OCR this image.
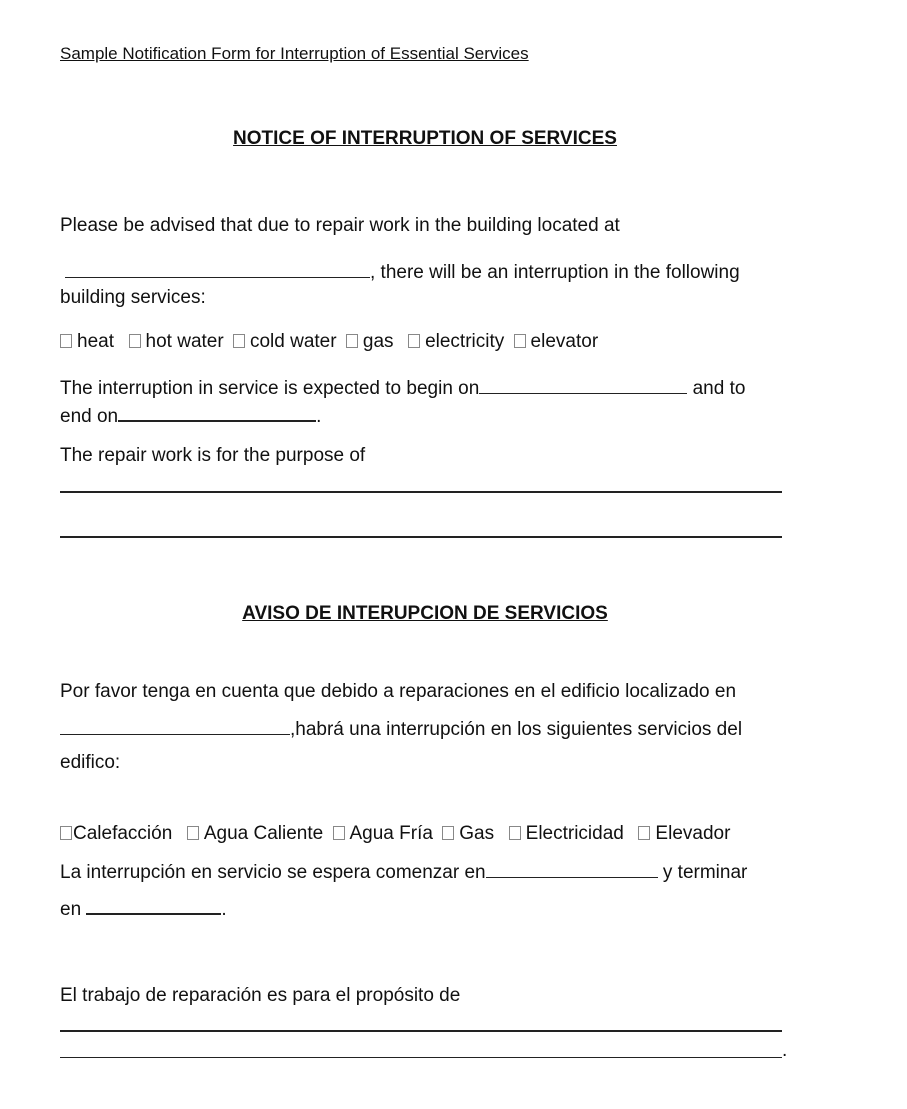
Sample Notification Form for Interruption of Essential Services
NOTICE OF INTERRUPTION OF SERVICES
Please be advised that due to repair work in the building located at
, there will be an interruption in the following
building services:
heat hot water cold water gas electricity elevator
The interruption in service is expected to begin on	and to
end on	.
The repair work is for the purpose of
AVISO DE INTERUPCION DE SERVICIOS
Por favor tenga en cuenta que debido a reparaciones en el edificio localizado en
, habrá una interrupción en los siguientes servicios del
edifico:
Calefacción Agua Caliente Agua Fría Gas Electricidad Elevador
La interrupción en servicio se espera comenzar en	y terminar
en	.
El trabajo de reparación es para el propósito de
.
